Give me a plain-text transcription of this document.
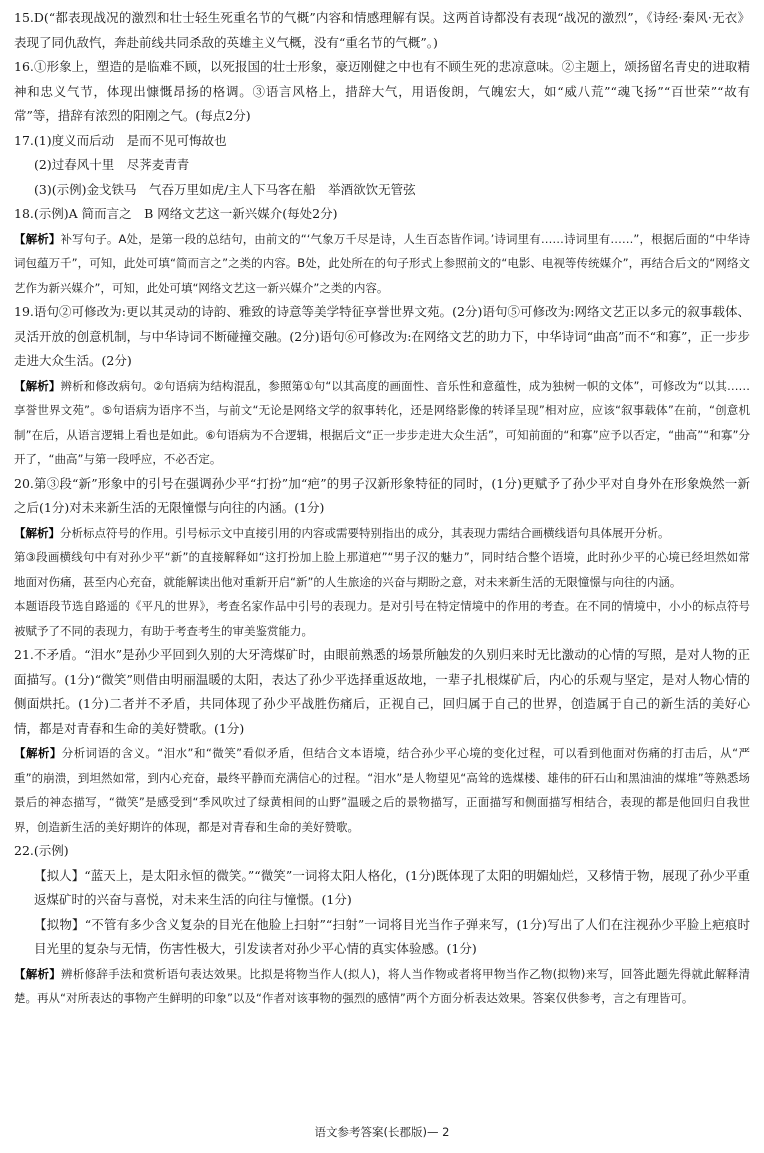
15.D(“都表现战况的激烈和壮士轻生死重名节的气概”内容和情感理解有误。这两首诗都没有表现“战况的激烈”，《诗经·秦风·无衣》表现了同仇敌忾，奔赴前线共同杀敌的英雄主义气概，没有“重名节的气概”。)

16.①形象上，塑造的是临难不顾，以死报国的壮士形象，豪迈刚健之中也有不顾生死的悲凉意味。②主题上，颂扬留名青史的进取精神和忠义气节，体现出慷慨昂扬的格调。③语言风格上，措辞大气，用语俊朗，气魄宏大，如“威八荒”“魂飞扬”“百世荣”“故有常”等，措辞有浓烈的阳刚之气。(每点2分)

17.(1)度义而后动　是而不见可悔故也

(2)过春风十里　尽荠麦青青

(3)(示例)金戈铁马　气吞万里如虎/主人下马客在船　举酒欲饮无管弦

18.(示例)A 简而言之　B 网络文艺这一新兴媒介(每处2分)

【解析】补写句子。A处，是第一段的总结句，由前文的“‘气象万千尽是诗，人生百态皆作词。’诗词里有……诗词里有……”，根据后面的“中华诗词包蕴万千”，可知，此处可填“简而言之”之类的内容。B处，此处所在的句子形式上参照前文的“电影、电视等传统媒介”，再结合后文的“网络文艺作为新兴媒介”，可知，此处可填“网络文艺这一新兴媒介”之类的内容。

19.语句②可修改为:更以其灵动的诗韵、雅致的诗意等美学特征享誉世界文苑。(2分)语句⑤可修改为:网络文艺正以多元的叙事载体、灵活开放的创意机制，与中华诗词不断碰撞交融。(2分)语句⑥可修改为:在网络文艺的助力下，中华诗词“曲高”而不“和寡”，正一步步走进大众生活。(2分)

【解析】辨析和修改病句。②句语病为结构混乱，参照第①句“以其高度的画面性、音乐性和意蕴性，成为独树一帜的文体”，可修改为“以其……享誉世界文苑”。⑤句语病为语序不当，与前文“无论是网络文学的叙事转化，还是网络影像的转译呈现”相对应，应该“叙事载体”在前，“创意机制”在后，从语言逻辑上看也是如此。⑥句语病为不合逻辑，根据后文“正一步步走进大众生活”，可知前面的“和寡”应予以否定，“曲高”“和寡”分开了，“曲高”与第一段呼应，不必否定。

20.第③段“新”形象中的引号在强调孙少平“打扮”加“疤”的男子汉新形象特征的同时，(1分)更赋予了孙少平对自身外在形象焕然一新之后(1分)对未来新生活的无限憧憬与向往的内涵。(1分)

【解析】分析标点符号的作用。引号标示文中直接引用的内容或需要特别指出的成分，其表现力需结合画横线语句具体展开分析。

第③段画横线句中有对孙少平“新”的直接解释如“这打扮加上脸上那道疤”“男子汉的魅力”，同时结合整个语境，此时孙少平的心境已经坦然如常地面对伤痛，甚至内心充奋，就能解读出他对重新开启“新”的人生旅途的兴奋与期盼之意，对未来新生活的无限憧憬与向往的内涵。

本题语段节选自路遥的《平凡的世界》，考查名家作品中引号的表现力。是对引号在特定情境中的作用的考查。在不同的情境中，小小的标点符号被赋予了不同的表现力，有助于考查考生的审美鉴赏能力。

21.不矛盾。“泪水”是孙少平回到久别的大牙湾煤矿时，由眼前熟悉的场景所触发的久别归来时无比激动的心情的写照，是对人物的正面描写。(1分)“微笑”则借由明丽温暖的太阳，表达了孙少平选择重返故地，一辈子扎根煤矿后，内心的乐观与坚定，是对人物心情的侧面烘托。(1分)二者并不矛盾，共同体现了孙少平战胜伤痛后，正视自己，回归属于自己的世界，创造属于自己的新生活的美好心情，都是对青春和生命的美好赞歌。(1分)

【解析】分析词语的含义。“泪水”和“微笑”看似矛盾，但结合文本语境，结合孙少平心境的变化过程，可以看到他面对伤痛的打击后，从“严重”的崩溃，到坦然如常，到内心充奋，最终平静而充满信心的过程。“泪水”是人物望见“高耸的选煤楼、雄伟的矸石山和黑油油的煤堆”等熟悉场景后的神态描写，“微笑”是感受到“季风吹过了绿黄相间的山野”温暖之后的景物描写，正面描写和侧面描写相结合，表现的都是他回归自我世界，创造新生活的美好期许的体现，都是对青春和生命的美好赞歌。

22.(示例)

【拟人】“蓝天上，是太阳永恒的微笑。”“微笑”一词将太阳人格化，(1分)既体现了太阳的明媚灿烂，又移情于物，展现了孙少平重返煤矿时的兴奋与喜悦，对未来生活的向往与憧憬。(1分)

【拟物】“不管有多少含义复杂的目光在他脸上扫射”“扫射”一词将目光当作子弹来写，(1分)写出了人们在注视孙少平脸上疤痕时目光里的复杂与无情，伤害性极大，引发读者对孙少平心情的真实体验感。(1分)

【解析】辨析修辞手法和赏析语句表达效果。比拟是将物当作人(拟人)，将人当作物或者将甲物当作乙物(拟物)来写，回答此题先得就此解释清楚。再从“对所表达的事物产生鲜明的印象”以及“作者对该事物的强烈的感情”两个方面分析表达效果。答案仅供参考，言之有理皆可。

语文参考答案(长郡版)— 2
